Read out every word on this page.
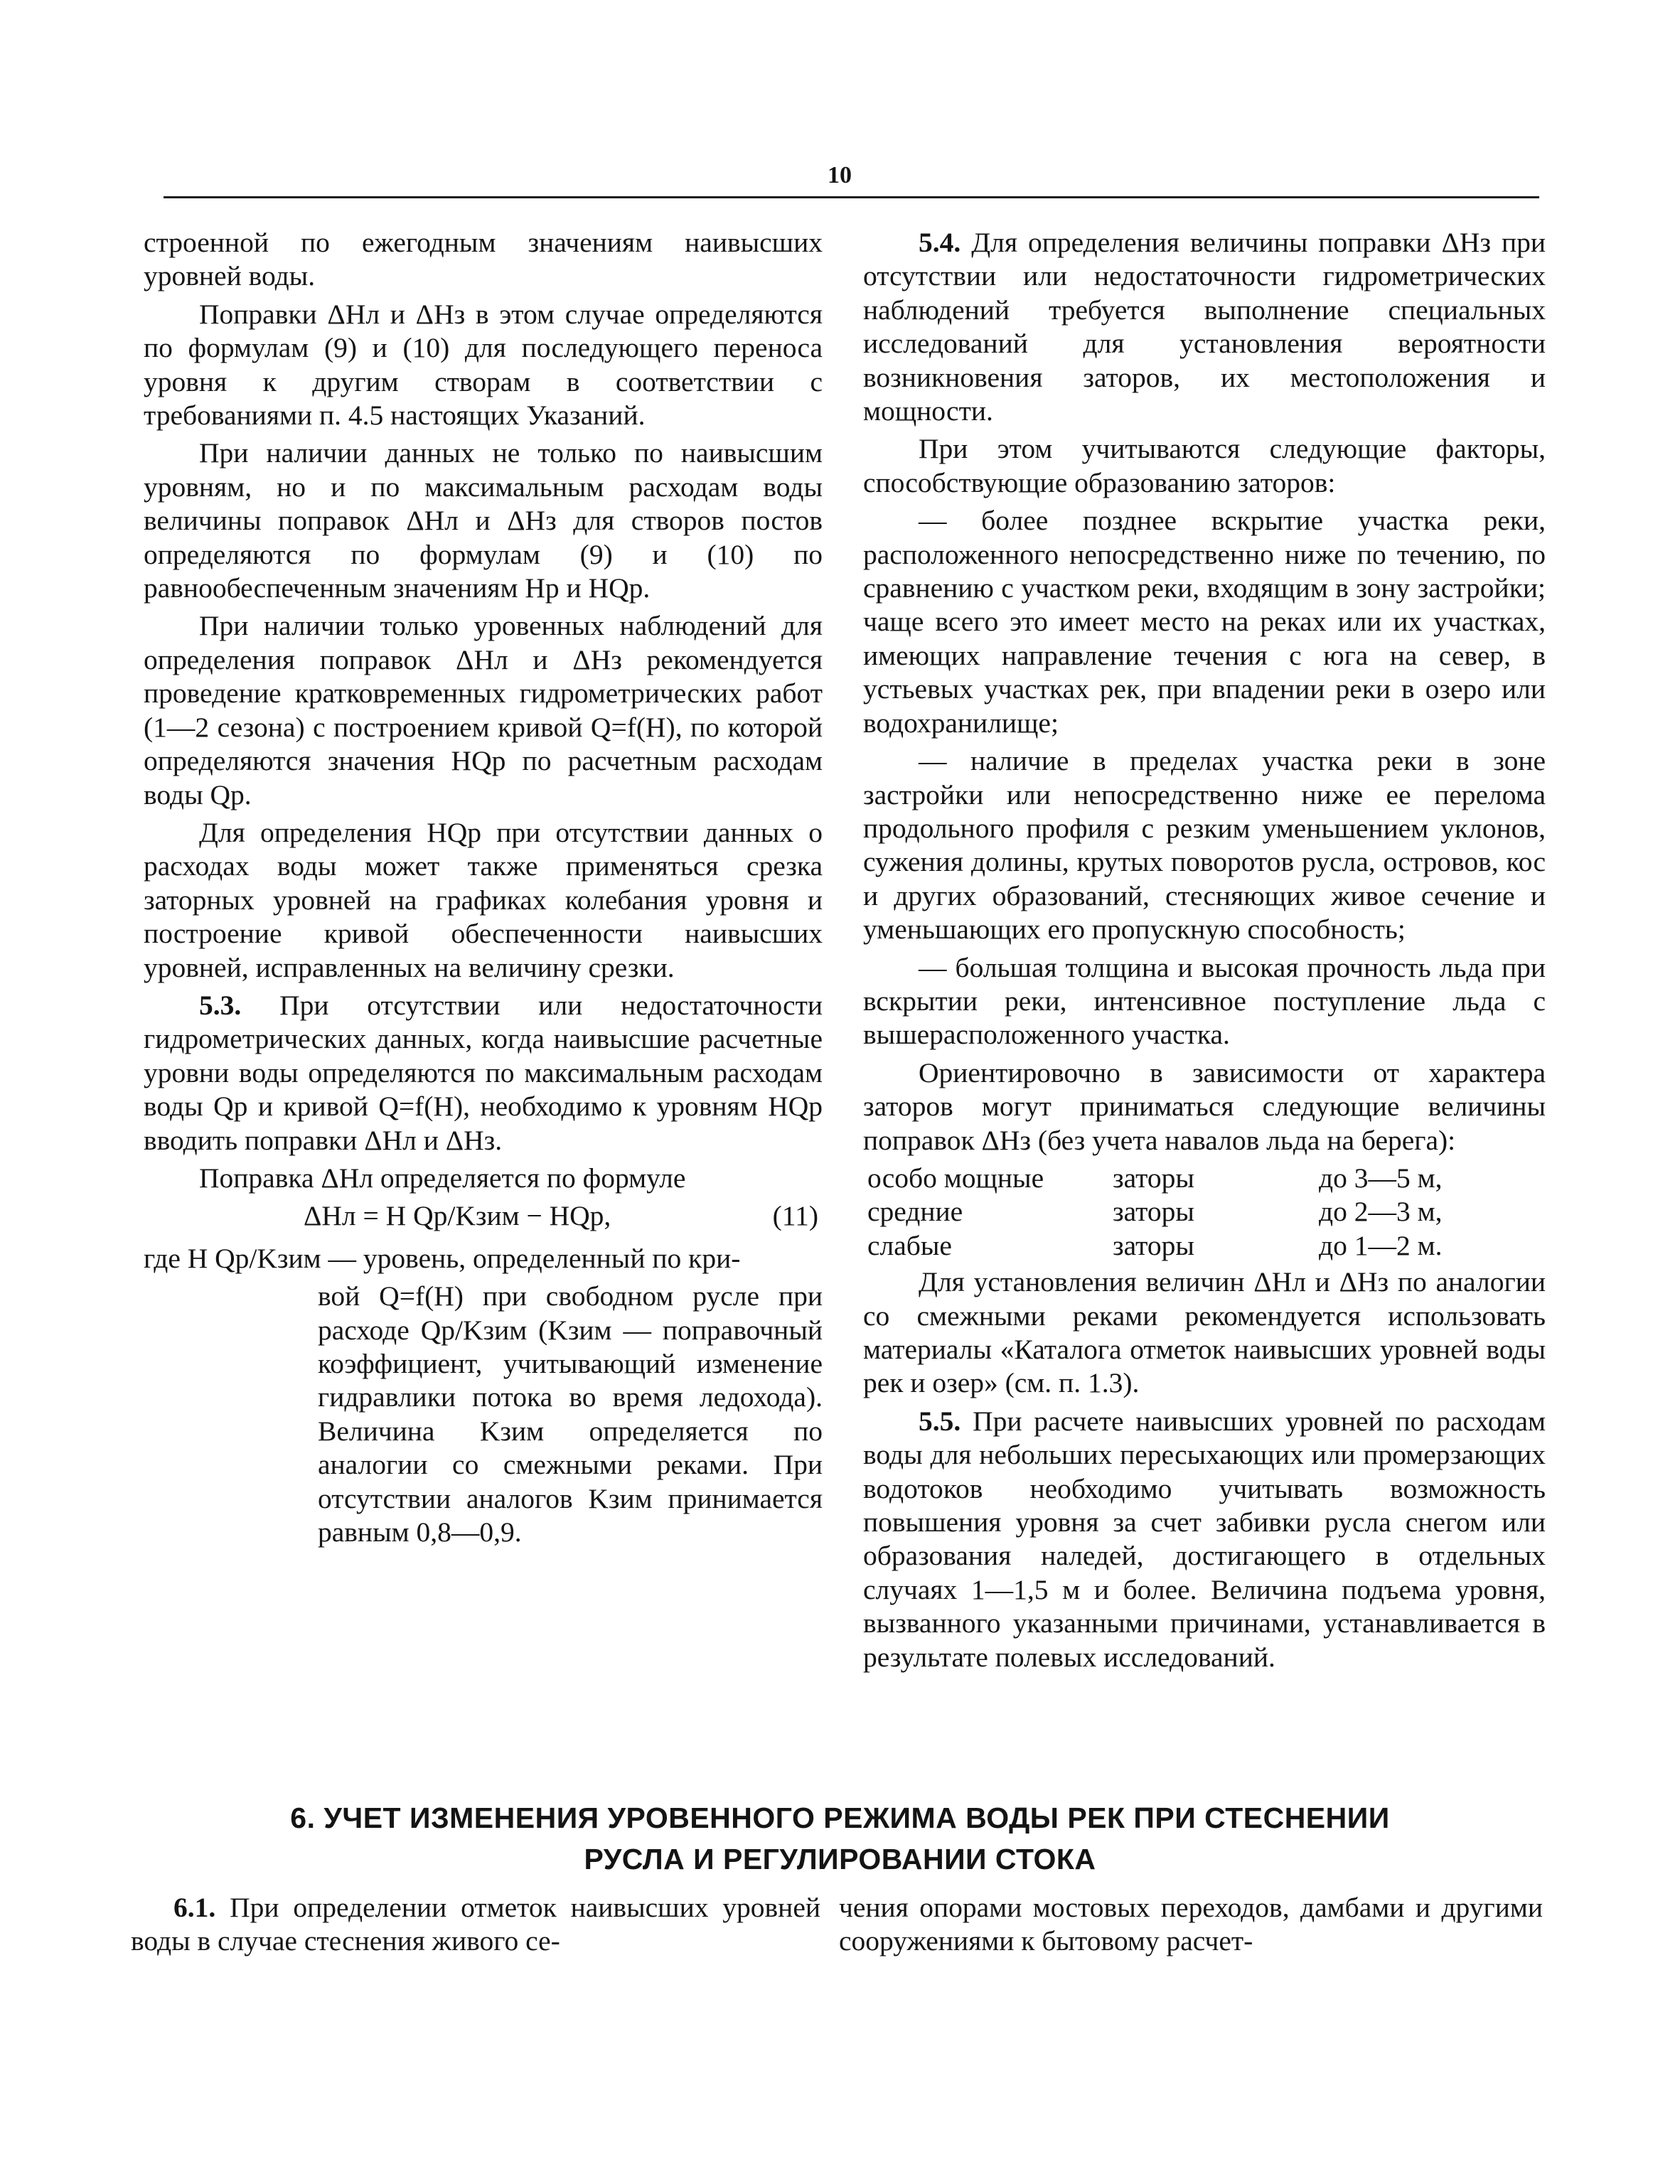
10

строенной по ежегодным значениям наивысших уровней воды.

Поправки ΔHл и ΔHз в этом случае определяются по формулам (9) и (10) для последующего переноса уровня к другим створам в соответствии с требованиями п. 4.5 настоящих Указаний.

При наличии данных не только по наивысшим уровням, но и по максимальным расходам воды величины поправок ΔHл и ΔHз для створов постов определяются по формулам (9) и (10) по равнообеспеченным значениям Hp и HQp.

При наличии только уровенных наблюдений для определения поправок ΔHл и ΔHз рекомендуется проведение кратковременных гидрометрических работ (1—2 сезона) с построением кривой Q=f(H), по которой определяются значения HQp по расчетным расходам воды Qp.

Для определения HQp при отсутствии данных о расходах воды может также применяться срезка заторных уровней на графиках колебания уровня и построение кривой обеспеченности наивысших уровней, исправленных на величину срезки.

5.3. При отсутствии или недостаточности гидрометрических данных, когда наивысшие расчетные уровни воды определяются по максимальным расходам воды Qp и кривой Q=f(H), необходимо к уровням HQp вводить поправки ΔHл и ΔHз.

Поправка ΔHл определяется по формуле

ΔHл = H Qp/Kзим − HQp,	(11)

где H Qp/Kзим — уровень, определенный по кри-

вой Q=f(H) при свободном русле при расходе Qp/Kзим (Kзим — поправочный коэффициент, учитывающий изменение гидравлики потока во время ледохода). Величина Kзим определяется по аналогии со смежными реками. При отсутствии аналогов Kзим принимается равным 0,8—0,9.

5.4. Для определения величины поправки ΔHз при отсутствии или недостаточности гидрометрических наблюдений требуется выполнение специальных исследований для установления вероятности возникновения заторов, их местоположения и мощности.

При этом учитываются следующие факторы, способствующие образованию заторов:

— более позднее вскрытие участка реки, расположенного непосредственно ниже по течению, по сравнению с участком реки, входящим в зону застройки; чаще всего это имеет место на реках или их участках, имеющих направление течения с юга на север, в устьевых участках рек, при впадении реки в озеро или водохранилище;

— наличие в пределах участка реки в зоне застройки или непосредственно ниже ее перелома продольного профиля с резким уменьшением уклонов, сужения долины, крутых поворотов русла, островов, кос и других образований, стесняющих живое сечение и уменьшающих его пропускную способность;

— большая толщина и высокая прочность льда при вскрытии реки, интенсивное поступление льда с вышерасположенного участка.

Ориентировочно в зависимости от характера заторов могут приниматься следующие величины поправок ΔHз (без учета навалов льда на берега):

особо мощные	заторы	до 3—5 м,
средние	заторы	до 2—3 м,
слабые	заторы	до 1—2 м.

Для установления величин ΔHл и ΔHз по аналогии со смежными реками рекомендуется использовать материалы «Каталога отметок наивысших уровней воды рек и озер» (см. п. 1.3).

5.5. При расчете наивысших уровней по расходам воды для небольших пересыхающих или промерзающих водотоков необходимо учитывать возможность повышения уровня за счет забивки русла снегом или образования наледей, достигающего в отдельных случаях 1—1,5 м и более. Величина подъема уровня, вызванного указанными причинами, устанавливается в результате полевых исследований.

6. УЧЕТ ИЗМЕНЕНИЯ УРОВЕННОГО РЕЖИМА ВОДЫ РЕК ПРИ СТЕСНЕНИИ
РУСЛА И РЕГУЛИРОВАНИИ СТОКА

6.1. При определении отметок наивысших уровней воды в случае стеснения живого се-

чения опорами мостовых переходов, дамбами и другими сооружениями к бытовому расчет-
